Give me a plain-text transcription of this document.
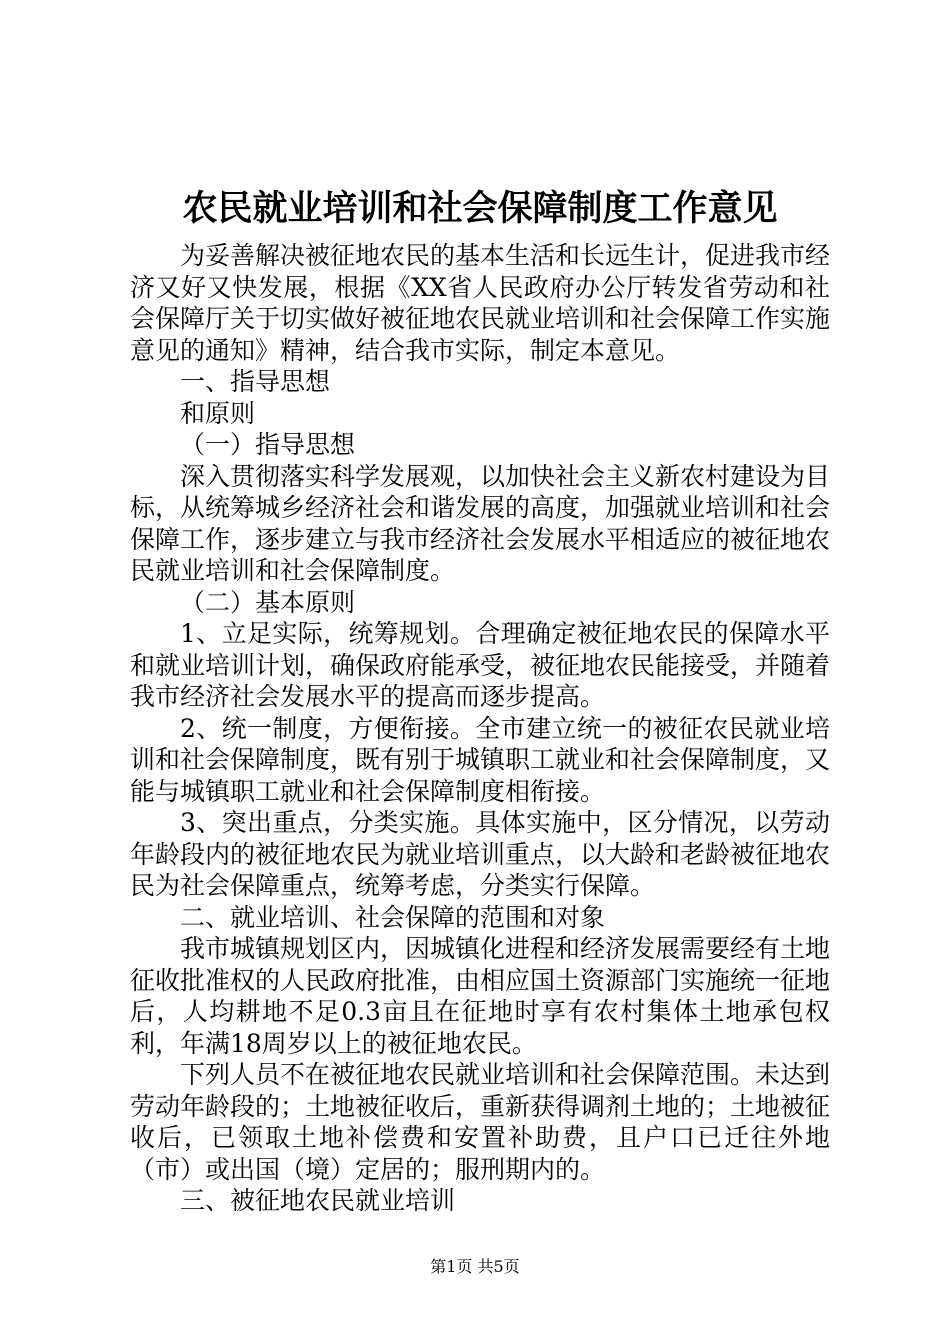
农民就业培训和社会保障制度工作意见

为妥善解决被征地农民的基本生活和长远生计，促进我市经济又好又快发展，根据《XX省人民政府办公厅转发省劳动和社会保障厅关于切实做好被征地农民就业培训和社会保障工作实施意见的通知》精神，结合我市实际，制定本意见。

一、指导思想

和原则

（一）指导思想

深入贯彻落实科学发展观，以加快社会主义新农村建设为目标，从统筹城乡经济社会和谐发展的高度，加强就业培训和社会保障工作，逐步建立与我市经济社会发展水平相适应的被征地农民就业培训和社会保障制度。

（二）基本原则

1、立足实际，统筹规划。合理确定被征地农民的保障水平和就业培训计划，确保政府能承受，被征地农民能接受，并随着我市经济社会发展水平的提高而逐步提高。

2、统一制度，方便衔接。全市建立统一的被征农民就业培训和社会保障制度，既有别于城镇职工就业和社会保障制度，又能与城镇职工就业和社会保障制度相衔接。

3、突出重点，分类实施。具体实施中，区分情况，以劳动年龄段内的被征地农民为就业培训重点，以大龄和老龄被征地农民为社会保障重点，统筹考虑，分类实行保障。

二、就业培训、社会保障的范围和对象

我市城镇规划区内，因城镇化进程和经济发展需要经有土地征收批准权的人民政府批准，由相应国土资源部门实施统一征地后，人均耕地不足0.3亩且在征地时享有农村集体土地承包权利，年满18周岁以上的被征地农民。

下列人员不在被征地农民就业培训和社会保障范围。未达到劳动年龄段的；土地被征收后，重新获得调剂土地的；土地被征收后，已领取土地补偿费和安置补助费，且户口已迁往外地（市）或出国（境）定居的；服刑期内的。

三、被征地农民就业培训

第1页 共5页
